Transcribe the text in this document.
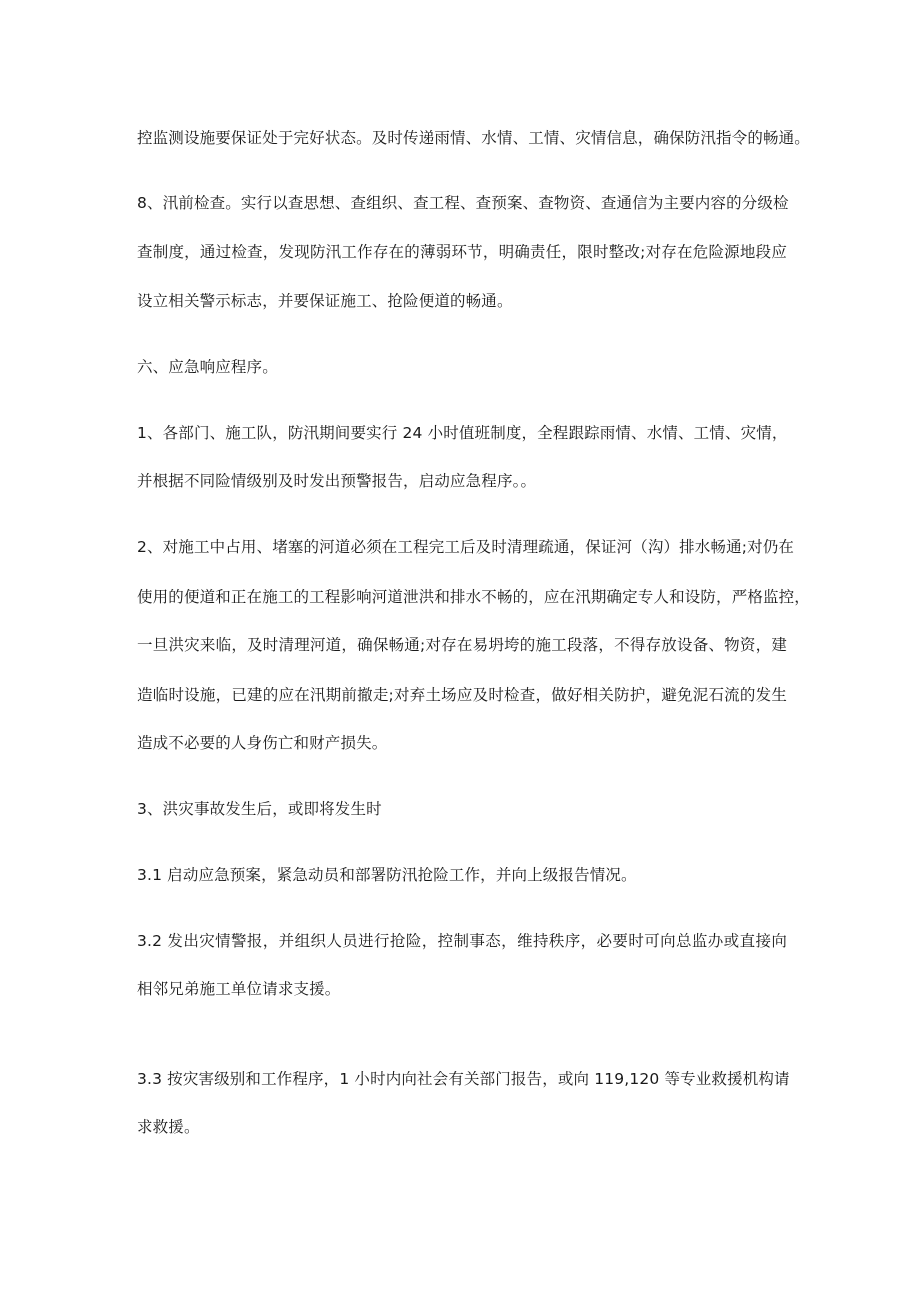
控监测设施要保证处于完好状态。及时传递雨情、水情、工情、灾情信息，确保防汛指令的畅通。
8、汛前检查。实行以查思想、查组织、查工程、查预案、查物资、查通信为主要内容的分级检
查制度，通过检查，发现防汛工作存在的薄弱环节，明确责任，限时整改;对存在危险源地段应
设立相关警示标志，并要保证施工、抢险便道的畅通。
六、应急响应程序。
1、各部门、施工队，防汛期间要实行 24 小时值班制度，全程跟踪雨情、水情、工情、灾情，
并根据不同险情级别及时发出预警报告，启动应急程序。。
2、对施工中占用、堵塞的河道必须在工程完工后及时清理疏通，保证河（沟）排水畅通;对仍在
使用的便道和正在施工的工程影响河道泄洪和排水不畅的，应在汛期确定专人和设防，严格监控，
一旦洪灾来临，及时清理河道，确保畅通;对存在易坍垮的施工段落，不得存放设备、物资，建
造临时设施，已建的应在汛期前撤走;对弃土场应及时检查，做好相关防护，避免泥石流的发生
造成不必要的人身伤亡和财产损失。
3、洪灾事故发生后，或即将发生时
3.1 启动应急预案，紧急动员和部署防汛抢险工作，并向上级报告情况。
3.2 发出灾情警报，并组织人员进行抢险，控制事态，维持秩序，必要时可向总监办或直接向
相邻兄弟施工单位请求支援。
3.3 按灾害级别和工作程序，1 小时内向社会有关部门报告，或向 119,120 等专业救援机构请
求救援。
